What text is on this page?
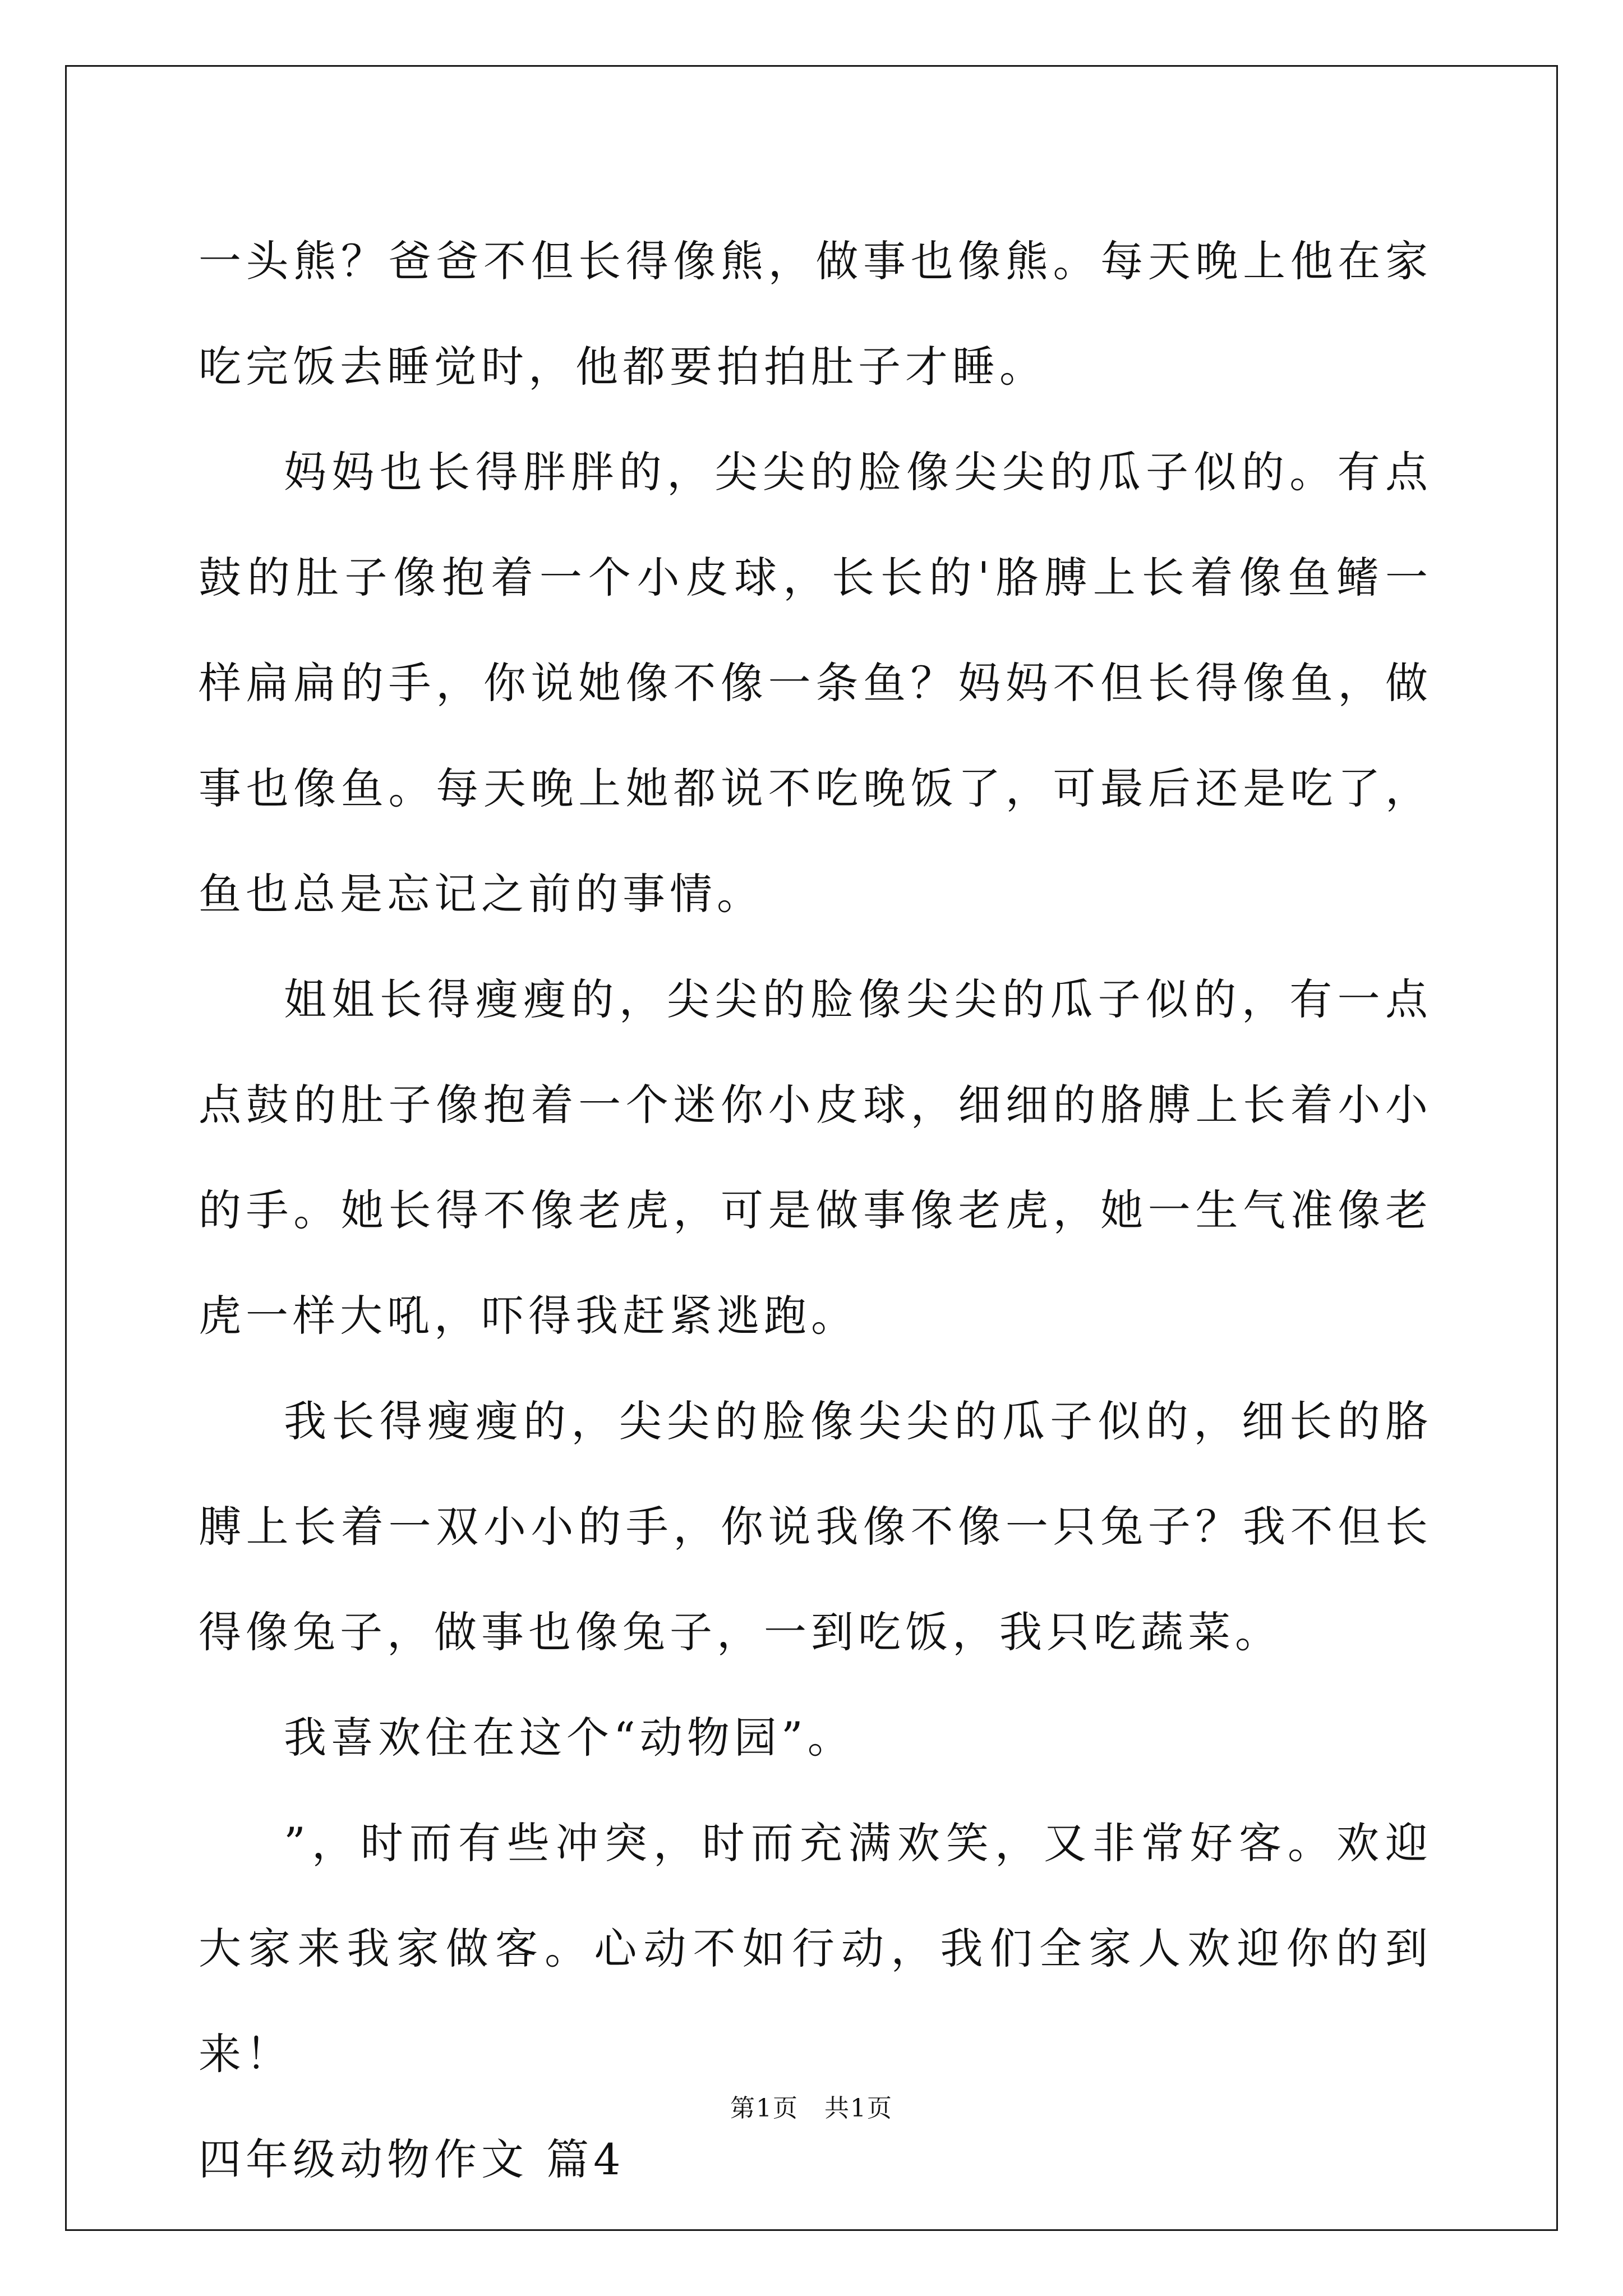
一头熊？爸爸不但长得像熊，做事也像熊。每天晚上他在家吃完饭去睡觉时，他都要拍拍肚子才睡。

妈妈也长得胖胖的，尖尖的脸像尖尖的瓜子似的。有点鼓的肚子像抱着一个小皮球，长长的'胳膊上长着像鱼鳍一样扁扁的手，你说她像不像一条鱼？妈妈不但长得像鱼，做事也像鱼。每天晚上她都说不吃晚饭了，可最后还是吃了，鱼也总是忘记之前的事情。

姐姐长得瘦瘦的，尖尖的脸像尖尖的瓜子似的，有一点点鼓的肚子像抱着一个迷你小皮球，细细的胳膊上长着小小的手。她长得不像老虎，可是做事像老虎，她一生气准像老虎一样大吼，吓得我赶紧逃跑。

我长得瘦瘦的，尖尖的脸像尖尖的瓜子似的，细长的胳膊上长着一双小小的手，你说我像不像一只兔子？我不但长得像兔子，做事也像兔子，一到吃饭，我只吃蔬菜。

我喜欢住在这个“动物园”。

”，时而有些冲突，时而充满欢笑，又非常好客。欢迎大家来我家做客。心动不如行动，我们全家人欢迎你的到来！

四年级动物作文 篇4

第1页　共1页
